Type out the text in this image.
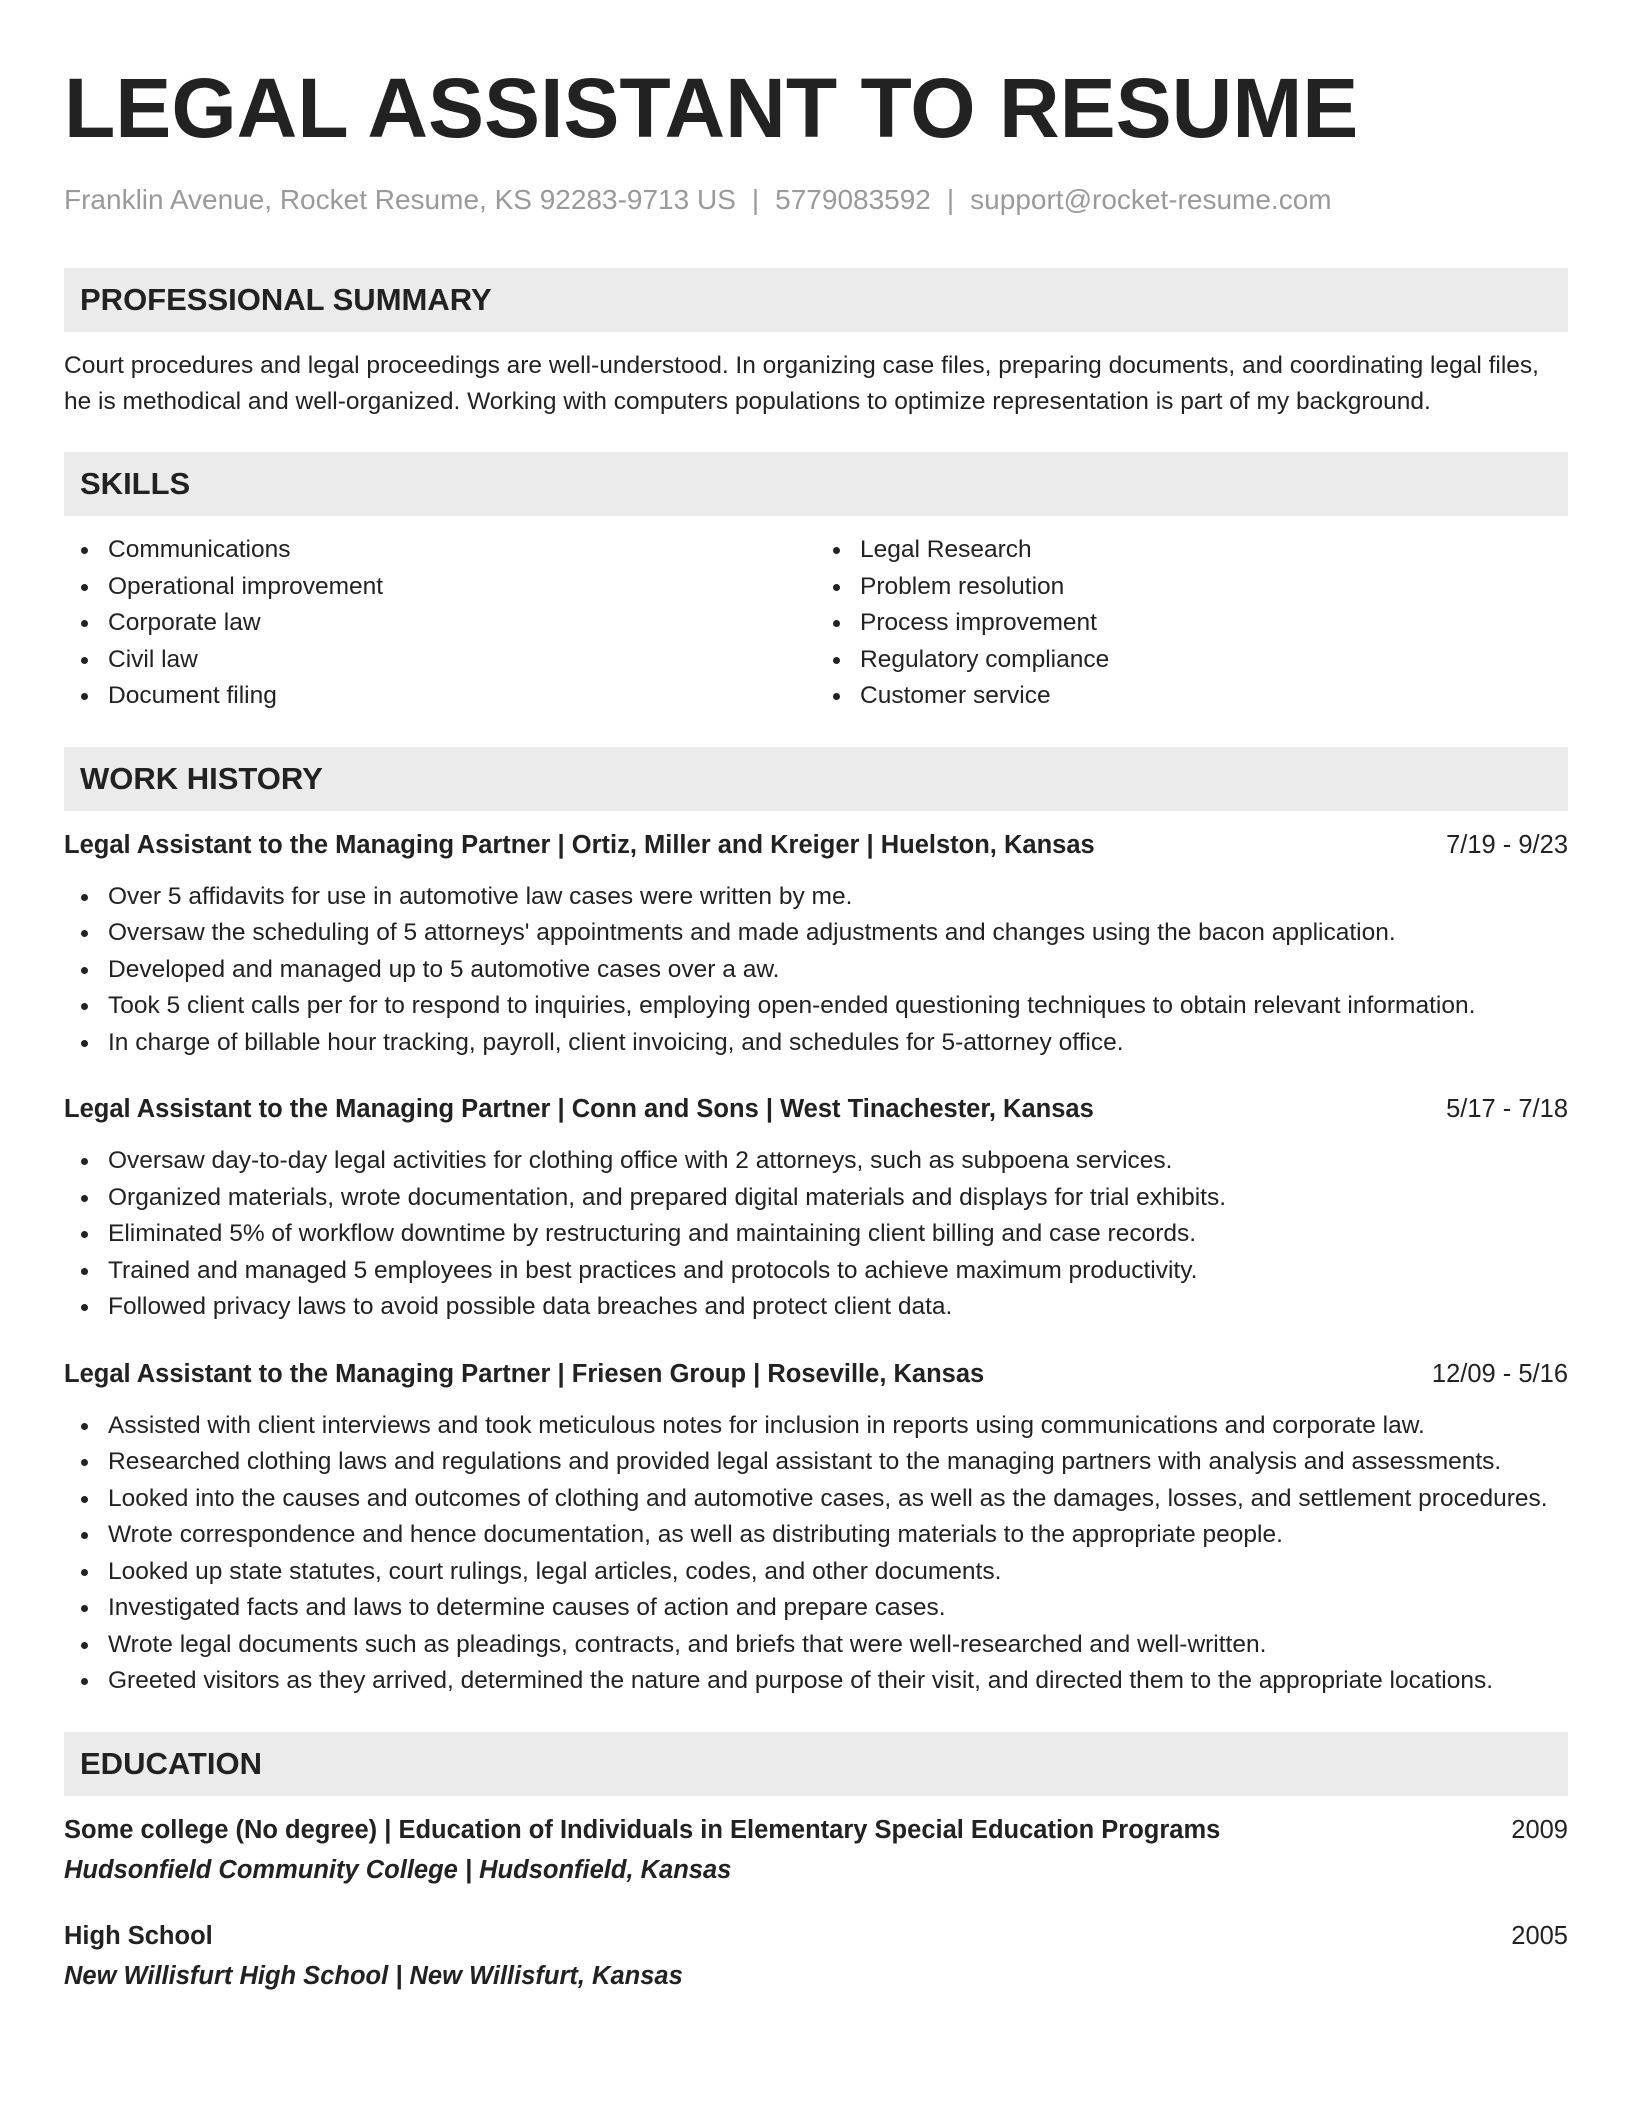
LEGAL ASSISTANT TO RESUME
Franklin Avenue, Rocket Resume, KS 92283-9713 US | 5779083592 | support@rocket-resume.com
PROFESSIONAL SUMMARY
Court procedures and legal proceedings are well-understood. In organizing case files, preparing documents, and coordinating legal files, he is methodical and well-organized. Working with computers populations to optimize representation is part of my background.
SKILLS
Communications
Operational improvement
Corporate law
Civil law
Document filing
Legal Research
Problem resolution
Process improvement
Regulatory compliance
Customer service
WORK HISTORY
Legal Assistant to the Managing Partner | Ortiz, Miller and Kreiger | Huelston, Kansas	7/19 - 9/23
Over 5 affidavits for use in automotive law cases were written by me.
Oversaw the scheduling of 5 attorneys' appointments and made adjustments and changes using the bacon application.
Developed and managed up to 5 automotive cases over a aw.
Took 5 client calls per for to respond to inquiries, employing open-ended questioning techniques to obtain relevant information.
In charge of billable hour tracking, payroll, client invoicing, and schedules for 5-attorney office.
Legal Assistant to the Managing Partner | Conn and Sons | West Tinachester, Kansas	5/17 - 7/18
Oversaw day-to-day legal activities for clothing office with 2 attorneys, such as subpoena services.
Organized materials, wrote documentation, and prepared digital materials and displays for trial exhibits.
Eliminated 5% of workflow downtime by restructuring and maintaining client billing and case records.
Trained and managed 5 employees in best practices and protocols to achieve maximum productivity.
Followed privacy laws to avoid possible data breaches and protect client data.
Legal Assistant to the Managing Partner | Friesen Group | Roseville, Kansas	12/09 - 5/16
Assisted with client interviews and took meticulous notes for inclusion in reports using communications and corporate law.
Researched clothing laws and regulations and provided legal assistant to the managing partners with analysis and assessments.
Looked into the causes and outcomes of clothing and automotive cases, as well as the damages, losses, and settlement procedures.
Wrote correspondence and hence documentation, as well as distributing materials to the appropriate people.
Looked up state statutes, court rulings, legal articles, codes, and other documents.
Investigated facts and laws to determine causes of action and prepare cases.
Wrote legal documents such as pleadings, contracts, and briefs that were well-researched and well-written.
Greeted visitors as they arrived, determined the nature and purpose of their visit, and directed them to the appropriate locations.
EDUCATION
Some college (No degree) | Education of Individuals in Elementary Special Education Programs	2009
Hudsonfield Community College | Hudsonfield, Kansas
High School	2005
New Willisfurt High School | New Willisfurt, Kansas
